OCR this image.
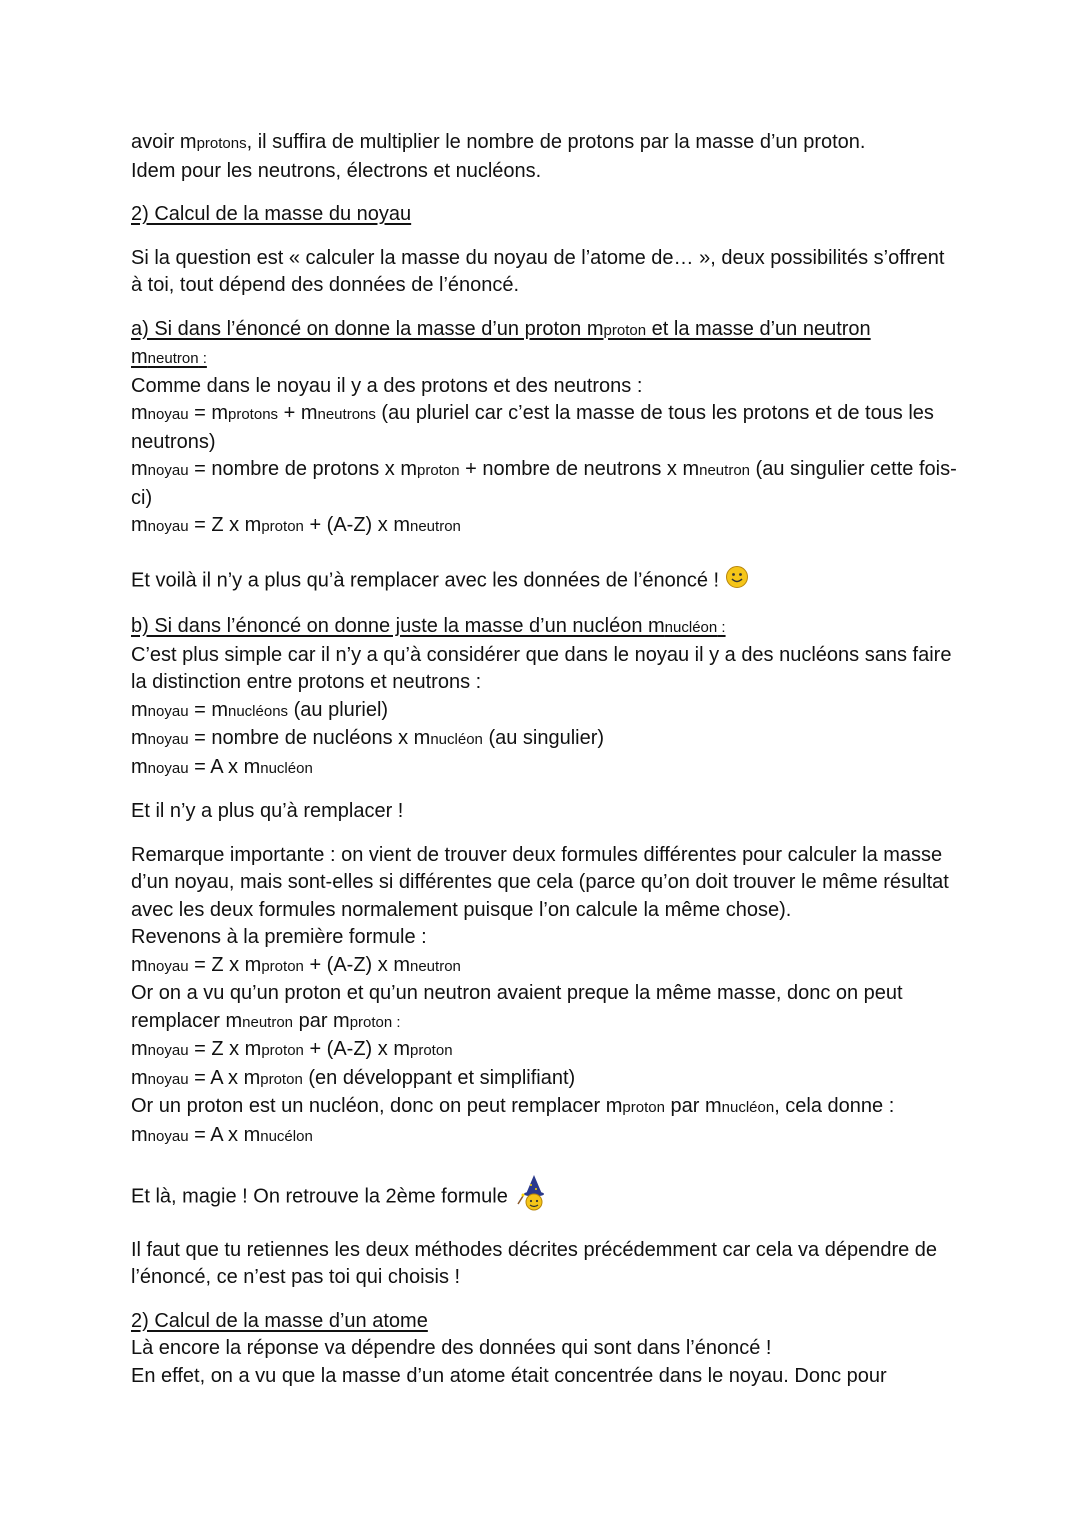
avoir mprotons, il suffira de multiplier le nombre de protons par la masse d’un proton.

Idem pour les neutrons, électrons et nucléons.

2) Calcul de la masse du noyau

Si la question est « calculer la masse du noyau de l’atome de… », deux possibilités s’offrent à toi, tout dépend des données de l’énoncé.

a) Si dans l’énoncé on donne la masse d’un proton mproton et la masse d’un neutron
mneutron :

Comme dans le noyau il y a des protons et des neutrons :

mnoyau = mprotons + mneutrons (au pluriel car c’est la masse de tous les protons et de tous les neutrons)

mnoyau = nombre de protons x mproton + nombre de neutrons x mneutron (au singulier cette fois-ci)

mnoyau = Z x mproton + (A-Z) x mneutron

Et voilà il n’y a plus qu’à remplacer avec les données de l’énoncé !

b) Si dans l’énoncé on donne juste la masse d’un nucléon mnucléon :

C’est plus simple car il n’y a qu’à considérer que dans le noyau il y a des nucléons sans faire la distinction entre protons et neutrons :

mnoyau = mnucléons (au pluriel)

mnoyau = nombre de nucléons x mnucléon (au singulier)

mnoyau = A x mnucléon

Et il n’y a plus qu’à remplacer !

Remarque importante : on vient de trouver deux formules différentes pour calculer la masse d’un noyau, mais sont-elles si différentes que cela (parce qu’on doit trouver le même résultat avec les deux formules normalement puisque l’on calcule la même chose).

Revenons à la première formule :

mnoyau = Z x mproton + (A-Z) x mneutron

Or on a vu qu’un proton et qu’un neutron avaient preque la même masse, donc on peut remplacer mneutron par mproton :

mnoyau = Z x mproton + (A-Z) x mproton

mnoyau = A x mproton (en développant et simplifiant)

Or un proton est un nucléon, donc on peut remplacer mproton par mnucléon, cela donne :

mnoyau = A x mnucélon

Et là, magie ! On retrouve la 2ème formule

Il faut que tu retiennes les deux méthodes décrites précédemment car cela va dépendre de l’énoncé, ce n’est pas toi qui choisis !

2) Calcul de la masse d’un atome

Là encore la réponse va dépendre des données qui sont dans l’énoncé !

En effet, on a vu que la masse d’un atome était concentrée dans le noyau. Donc pour
